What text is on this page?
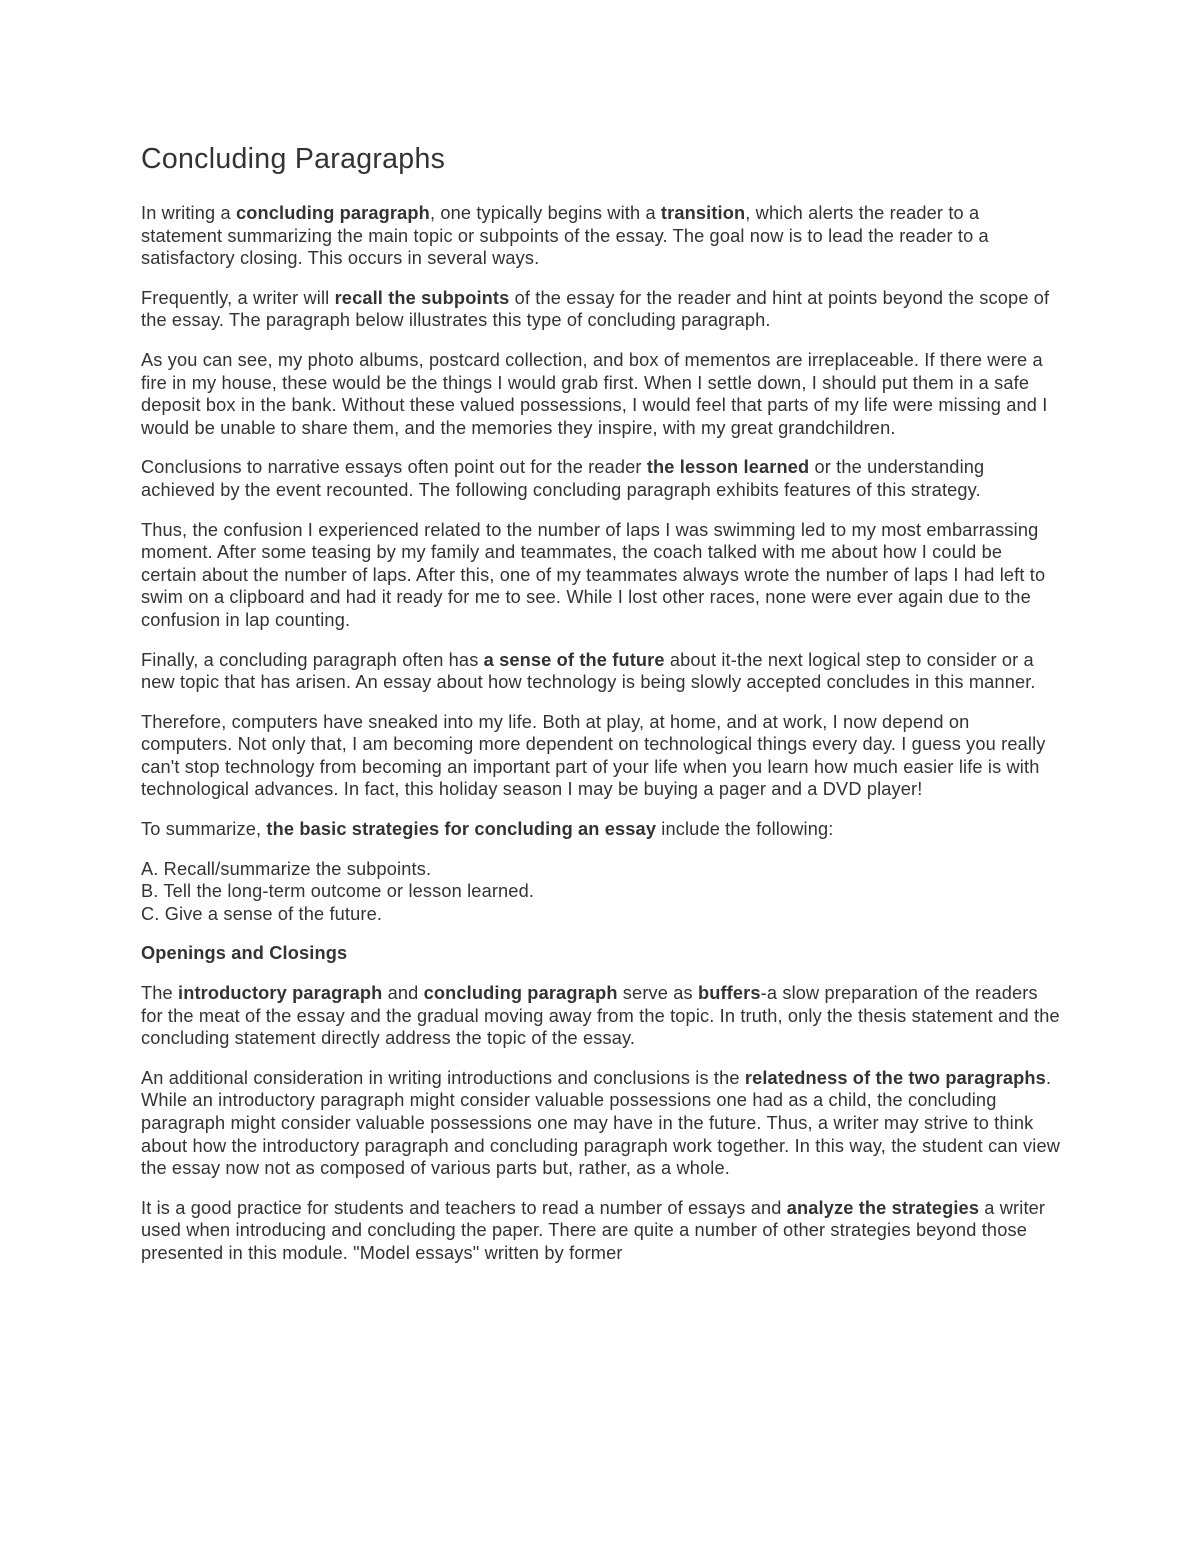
Concluding Paragraphs

In writing a concluding paragraph, one typically begins with a transition, which alerts the reader to a statement summarizing the main topic or subpoints of the essay. The goal now is to lead the reader to a satisfactory closing. This occurs in several ways.

Frequently, a writer will recall the subpoints of the essay for the reader and hint at points beyond the scope of the essay. The paragraph below illustrates this type of concluding paragraph.

As you can see, my photo albums, postcard collection, and box of mementos are irreplaceable. If there were a fire in my house, these would be the things I would grab first. When I settle down, I should put them in a safe deposit box in the bank. Without these valued possessions, I would feel that parts of my life were missing and I would be unable to share them, and the memories they inspire, with my great grandchildren.

Conclusions to narrative essays often point out for the reader the lesson learned or the understanding achieved by the event recounted. The following concluding paragraph exhibits features of this strategy.

Thus, the confusion I experienced related to the number of laps I was swimming led to my most embarrassing moment. After some teasing by my family and teammates, the coach talked with me about how I could be certain about the number of laps. After this, one of my teammates always wrote the number of laps I had left to swim on a clipboard and had it ready for me to see. While I lost other races, none were ever again due to the confusion in lap counting.

Finally, a concluding paragraph often has a sense of the future about it-the next logical step to consider or a new topic that has arisen. An essay about how technology is being slowly accepted concludes in this manner.

Therefore, computers have sneaked into my life. Both at play, at home, and at work, I now depend on computers. Not only that, I am becoming more dependent on technological things every day. I guess you really can't stop technology from becoming an important part of your life when you learn how much easier life is with technological advances. In fact, this holiday season I may be buying a pager and a DVD player!

To summarize, the basic strategies for concluding an essay include the following:

A. Recall/summarize the subpoints.
B. Tell the long-term outcome or lesson learned.
C. Give a sense of the future.
Openings and Closings

The introductory paragraph and concluding paragraph serve as buffers-a slow preparation of the readers for the meat of the essay and the gradual moving away from the topic. In truth, only the thesis statement and the concluding statement directly address the topic of the essay.

An additional consideration in writing introductions and conclusions is the relatedness of the two paragraphs. While an introductory paragraph might consider valuable possessions one had as a child, the concluding paragraph might consider valuable possessions one may have in the future. Thus, a writer may strive to think about how the introductory paragraph and concluding paragraph work together. In this way, the student can view the essay now not as composed of various parts but, rather, as a whole.

It is a good practice for students and teachers to read a number of essays and analyze the strategies a writer used when introducing and concluding the paper. There are quite a number of other strategies beyond those presented in this module. "Model essays" written by former
